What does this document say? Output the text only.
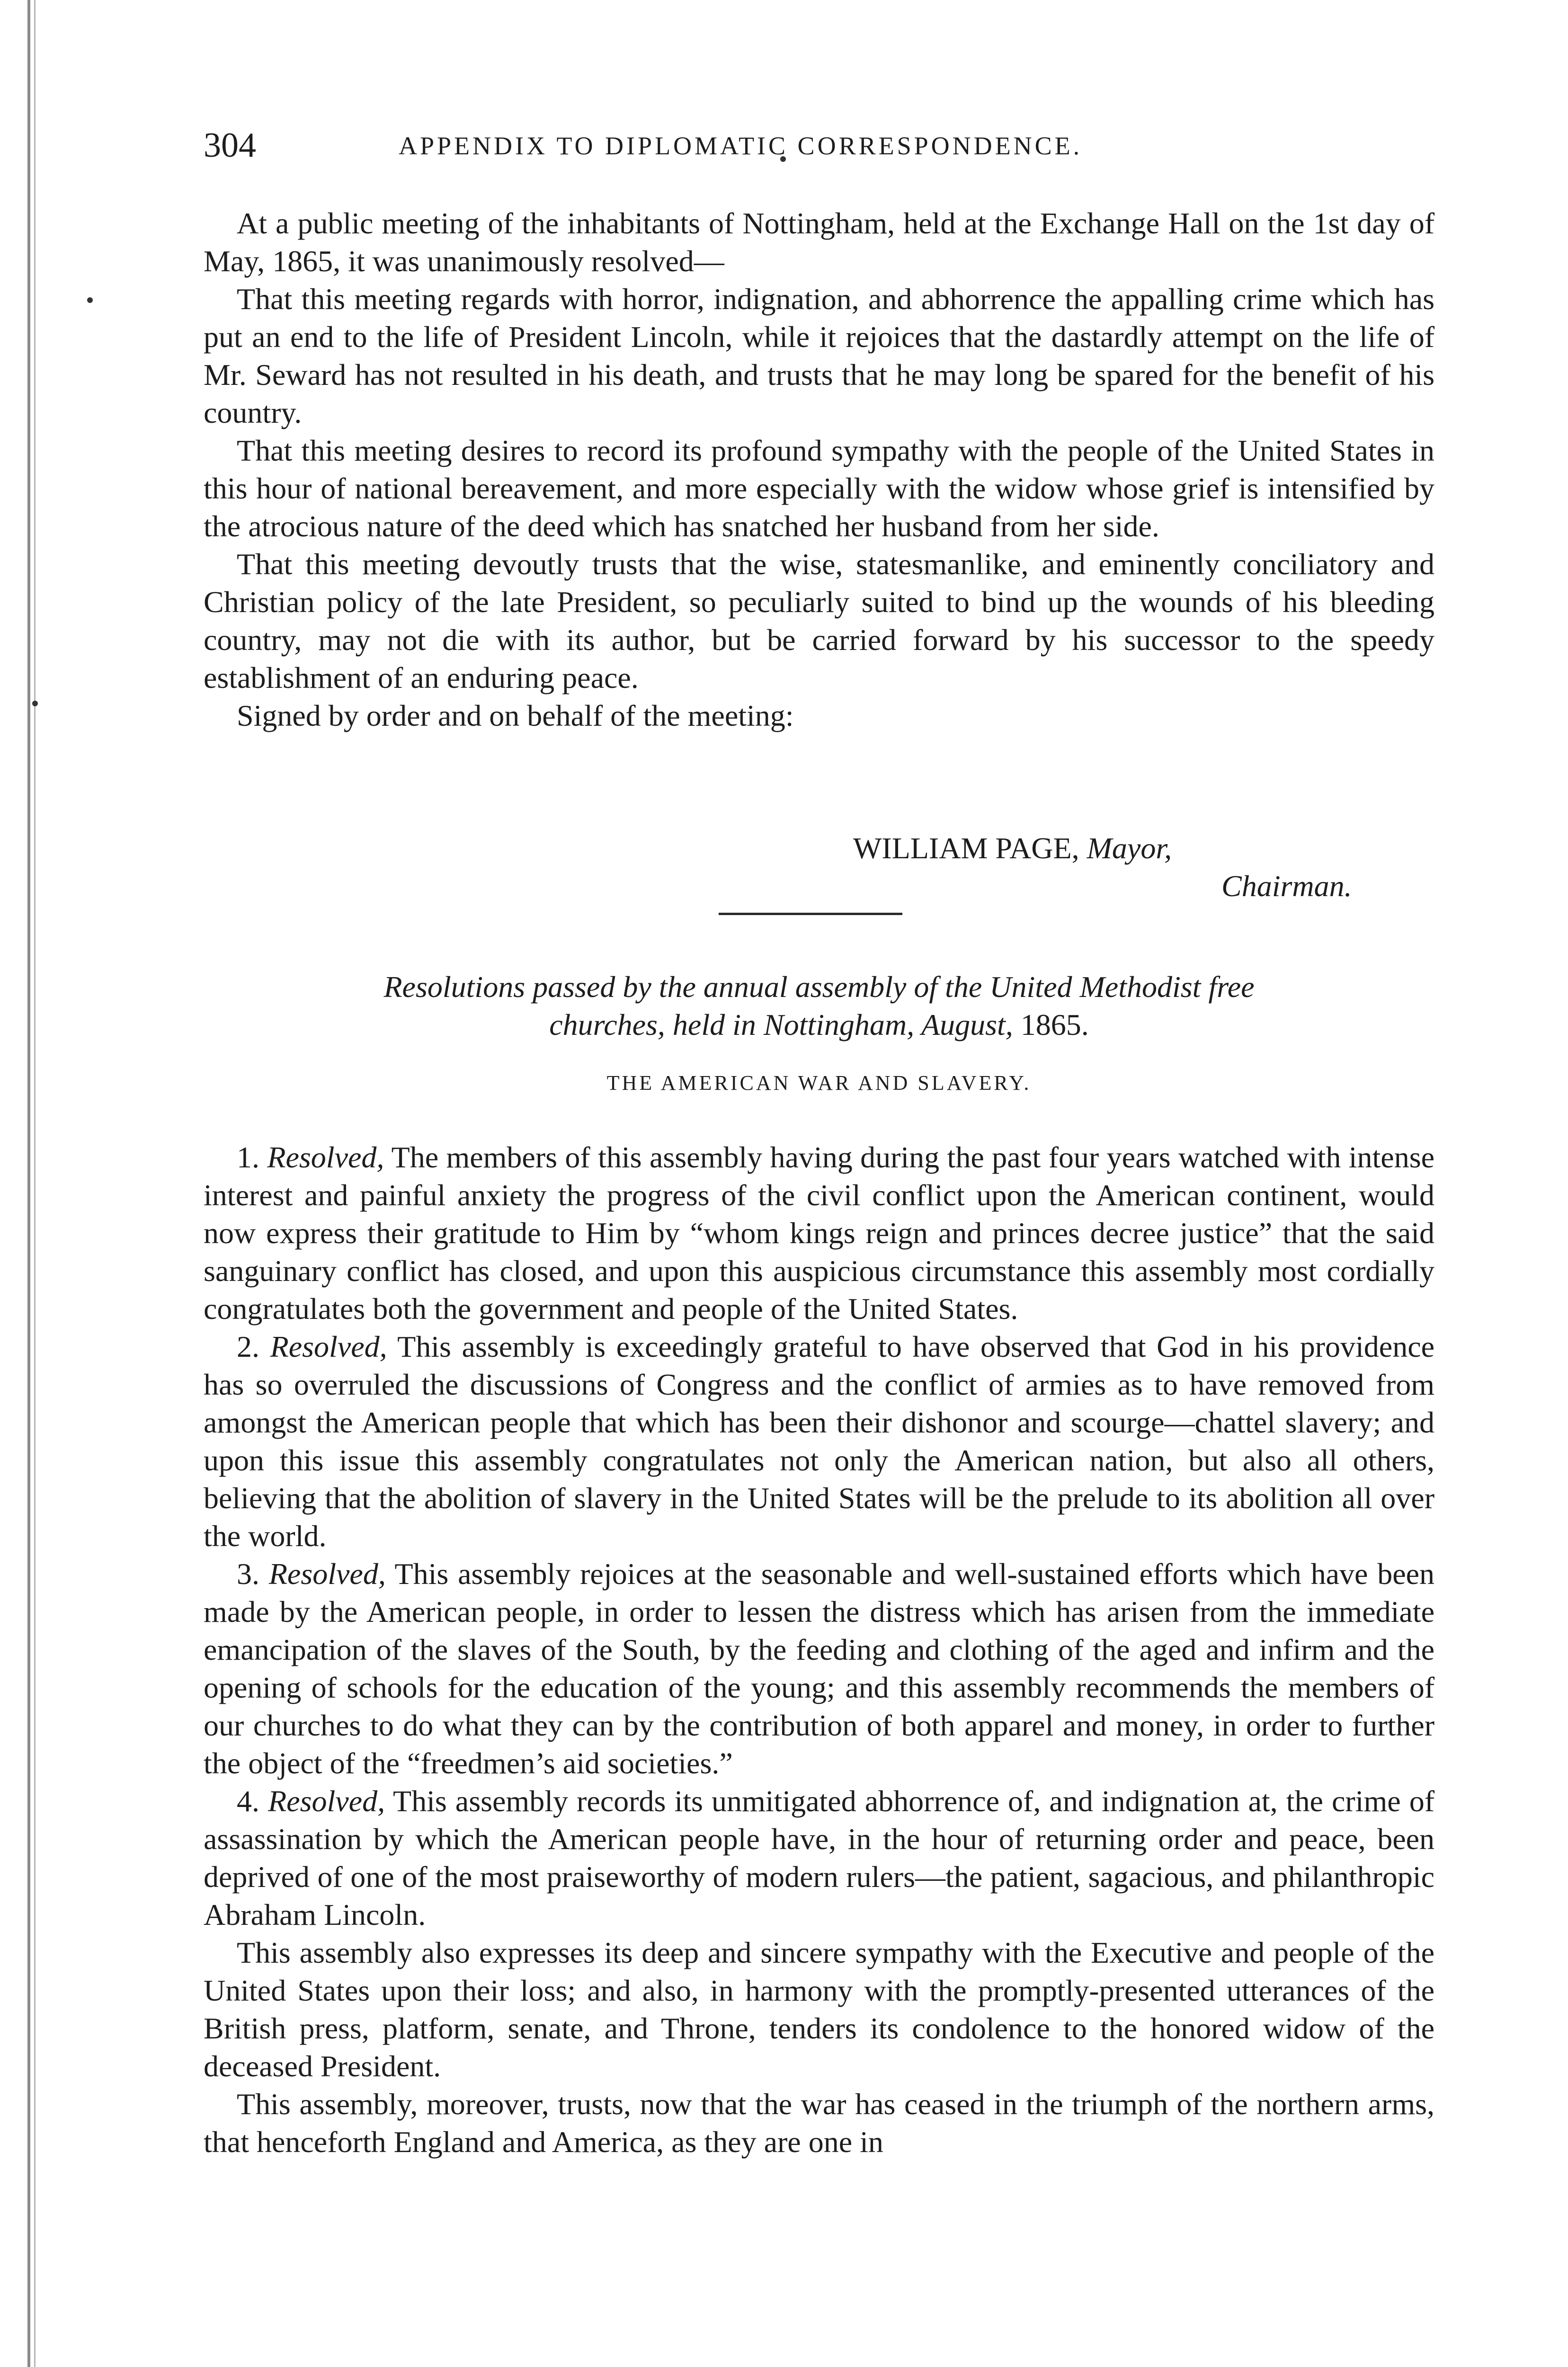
304	APPENDIX TO DIPLOMATIC CORRESPONDENCE.

At a public meeting of the inhabitants of Nottingham, held at the Exchange Hall on the 1st day of May, 1865, it was unanimously resolved—

That this meeting regards with horror, indignation, and abhorrence the appalling crime which has put an end to the life of President Lincoln, while it rejoices that the dastardly attempt on the life of Mr. Seward has not resulted in his death, and trusts that he may long be spared for the benefit of his country.

That this meeting desires to record its profound sympathy with the people of the United States in this hour of national bereavement, and more especially with the widow whose grief is intensified by the atrocious nature of the deed which has snatched her husband from her side.

That this meeting devoutly trusts that the wise, statesmanlike, and eminently conciliatory and Christian policy of the late President, so peculiarly suited to bind up the wounds of his bleeding country, may not die with its author, but be carried forward by his successor to the speedy establishment of an enduring peace.

Signed by order and on behalf of the meeting:

WILLIAM PAGE, Mayor,
Chairman.
Resolutions passed by the annual assembly of the United Methodist free
churches, held in Nottingham, August, 1865.
THE AMERICAN WAR AND SLAVERY.

1. Resolved, The members of this assembly having during the past four years watched with intense interest and painful anxiety the progress of the civil conflict upon the American continent, would now express their gratitude to Him by “whom kings reign and princes decree justice” that the said sanguinary conflict has closed, and upon this auspicious circumstance this assembly most cordially congratulates both the government and people of the United States.

2. Resolved, This assembly is exceedingly grateful to have observed that God in his providence has so overruled the discussions of Congress and the conflict of armies as to have removed from amongst the American people that which has been their dishonor and scourge—chattel slavery; and upon this issue this assembly congratulates not only the American nation, but also all others, believing that the abolition of slavery in the United States will be the prelude to its abolition all over the world.

3. Resolved, This assembly rejoices at the seasonable and well-sustained efforts which have been made by the American people, in order to lessen the distress which has arisen from the immediate emancipation of the slaves of the South, by the feeding and clothing of the aged and infirm and the opening of schools for the education of the young; and this assembly recommends the members of our churches to do what they can by the contribution of both apparel and money, in order to further the object of the “freedmen’s aid societies.”

4. Resolved, This assembly records its unmitigated abhorrence of, and indignation at, the crime of assassination by which the American people have, in the hour of returning order and peace, been deprived of one of the most praiseworthy of modern rulers—the patient, sagacious, and philanthropic Abraham Lincoln.

This assembly also expresses its deep and sincere sympathy with the Executive and people of the United States upon their loss; and also, in harmony with the promptly-presented utterances of the British press, platform, senate, and Throne, tenders its condolence to the honored widow of the deceased President.

This assembly, moreover, trusts, now that the war has ceased in the triumph of the northern arms, that henceforth England and America, as they are one in
